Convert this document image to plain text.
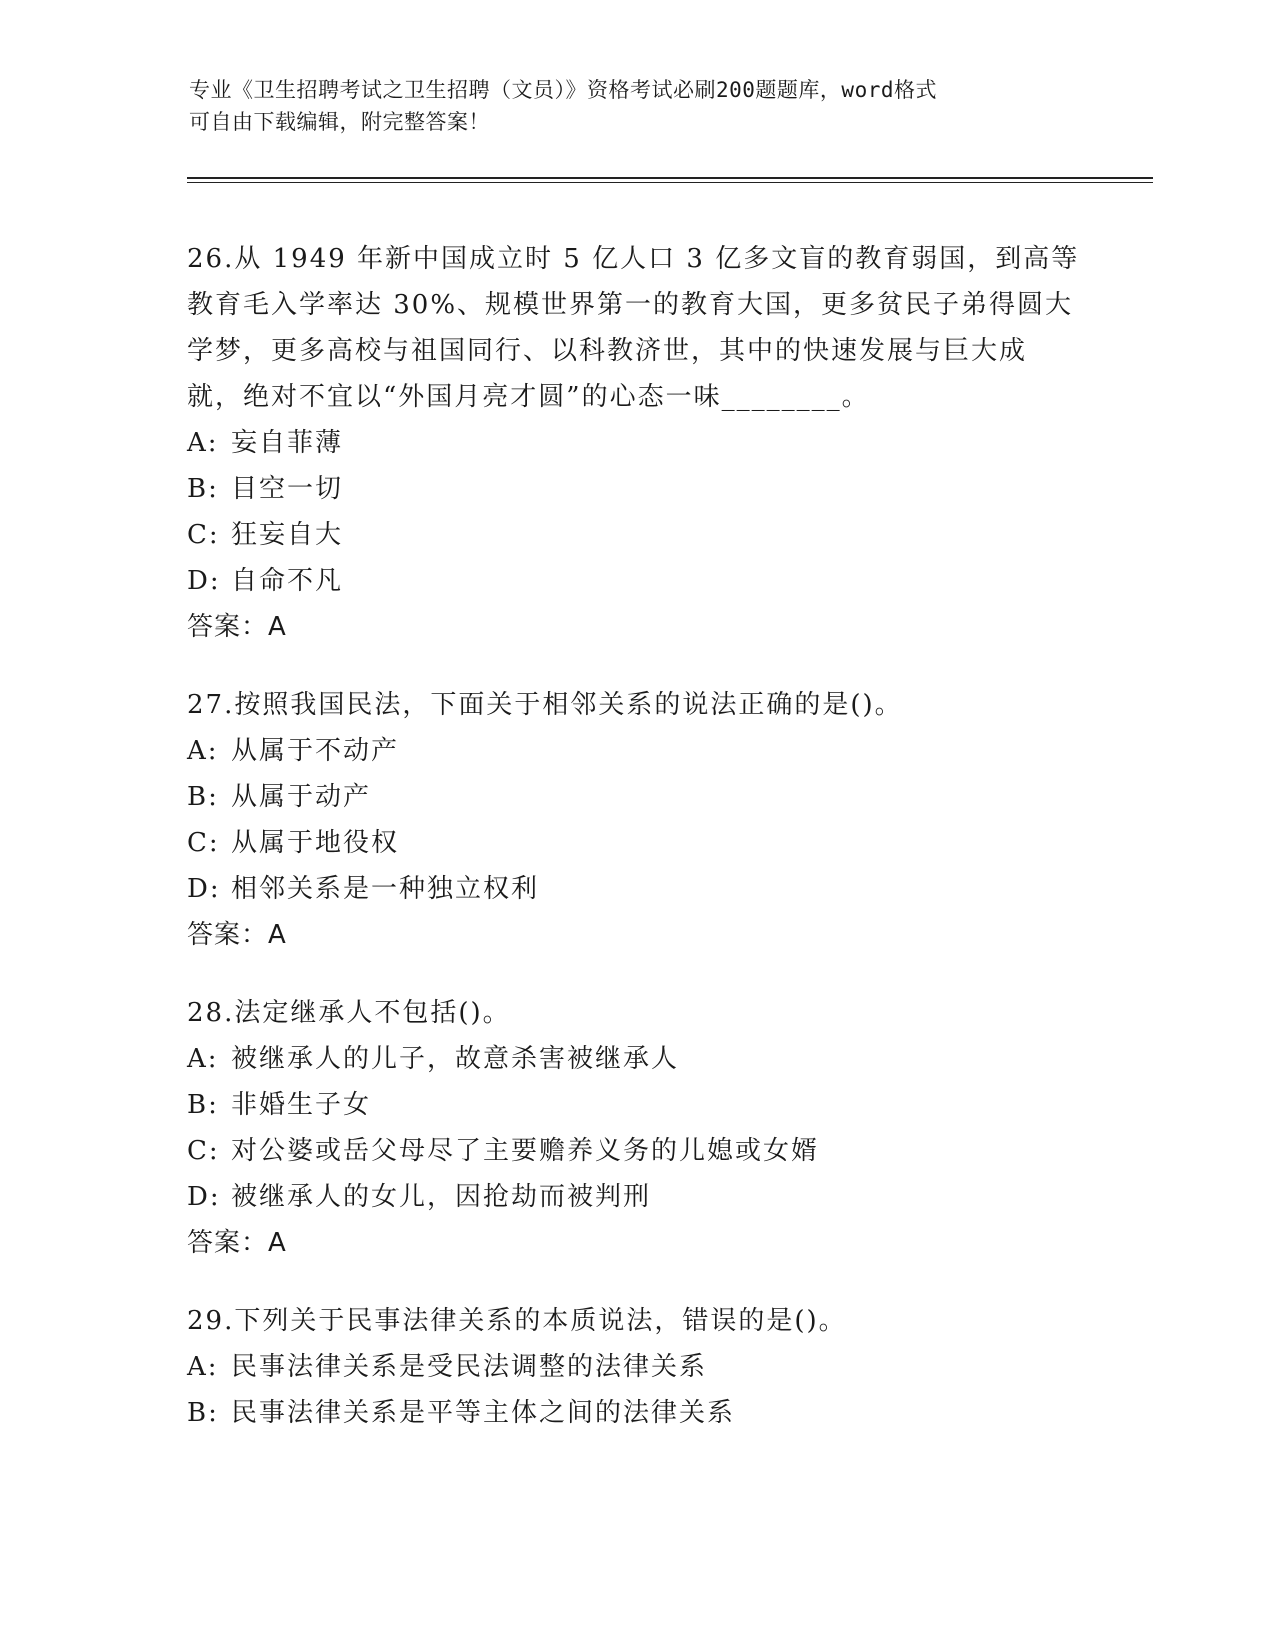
专业《卫生招聘考试之卫生招聘（文员）》资格考试必刷200题题库，word格式
可自由下载编辑，附完整答案！
26.从 1949 年新中国成立时 5 亿人口 3 亿多文盲的教育弱国，到高等
教育毛入学率达 30%、规模世界第一的教育大国，更多贫民子弟得圆大
学梦，更多高校与祖国同行、以科教济世，其中的快速发展与巨大成
就，绝对不宜以“外国月亮才圆”的心态一味________。
A: 妄自菲薄
B: 目空一切
C: 狂妄自大
D: 自命不凡
答案：A
27.按照我国民法，下面关于相邻关系的说法正确的是()。
A: 从属于不动产
B: 从属于动产
C: 从属于地役权
D: 相邻关系是一种独立权利
答案：A
28.法定继承人不包括()。
A: 被继承人的儿子，故意杀害被继承人
B: 非婚生子女
C: 对公婆或岳父母尽了主要赡养义务的儿媳或女婿
D: 被继承人的女儿，因抢劫而被判刑
答案：A
29.下列关于民事法律关系的本质说法，错误的是()。
A: 民事法律关系是受民法调整的法律关系
B: 民事法律关系是平等主体之间的法律关系
